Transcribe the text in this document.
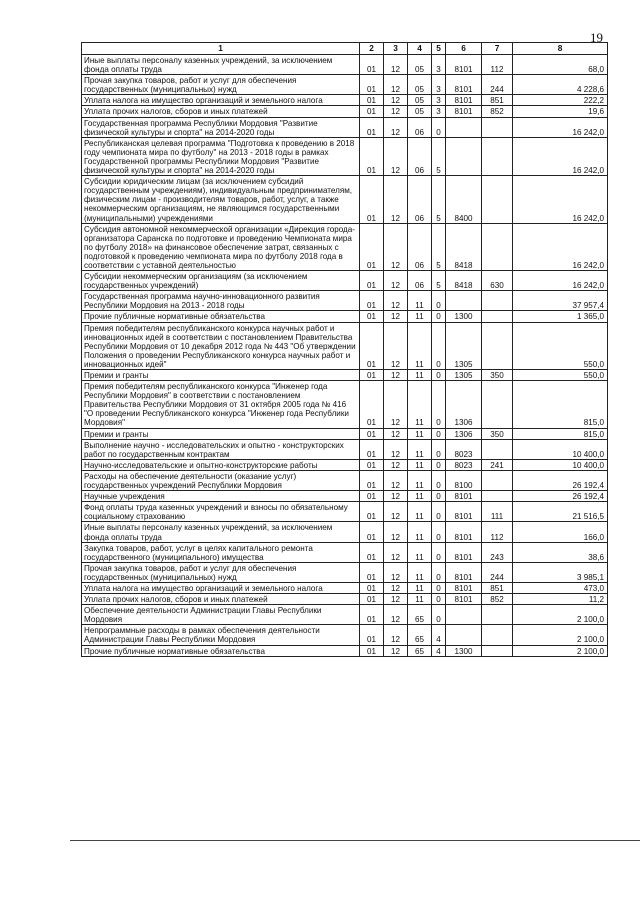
19
1	2	3	4	5	6	7	8
Иные выплаты персоналу казенных учреждений, за исключением фонда оплаты труда	01	12	05	3	8101	112	68,0
Прочая закупка товаров, работ и услуг для обеспечения государственных (муниципальных) нужд	01	12	05	3	8101	244	4 228,6
Уплата налога на имущество организаций и земельного налога	01	12	05	3	8101	851	222,2
Уплата прочих налогов, сборов и иных платежей	01	12	05	3	8101	852	19,6
Государственная программа Республики Мордовия "Развитие физической культуры и спорта" на 2014-2020 годы	01	12	06	0			16 242,0
Республиканская целевая программа "Подготовка к проведению в 2018 году чемпионата мира по футболу" на 2013 - 2018 годы в рамках Государственной программы Республики Мордовия "Развитие физической культуры и спорта" на 2014-2020 годы	01	12	06	5			16 242,0
Субсидии юридическим лицам (за исключением субсидий государственным учреждениям), индивидуальным предпринимателям, физическим лицам - производителям товаров, работ, услуг, а также некоммерческим организациям, не являющимся государственными (муниципальными) учреждениями	01	12	06	5	8400		16 242,0
Субсидия автономной некоммерческой организации «Дирекция города-организатора Саранска по подготовке и проведению Чемпионата мира по футболу 2018» на финансовое обеспечение затрат, связанных с подготовкой к проведению чемпионата мира по футболу 2018 года в соответствии с уставной деятельностью	01	12	06	5	8418		16 242,0
Субсидии некоммерческим организациям (за исключением государственных учреждений)	01	12	06	5	8418	630	16 242,0
Государственная программа научно-инновационного развития Республики Мордовия на 2013 - 2018 годы	01	12	11	0			37 957,4
Прочие публичные нормативные обязательства	01	12	11	0	1300		1 365,0
Премия победителям республиканского конкурса научных работ и инновационных идей в соответствии с постановлением Правительства Республики Мордовия от 10 декабря 2012 года № 443 "Об утверждении Положения о проведении Республиканского конкурса научных работ и инновационных идей"	01	12	11	0	1305		550,0
Премии и гранты	01	12	11	0	1305	350	550,0
Премия победителям республиканского конкурса "Инженер года Республики Мордовия" в соответствии с постановлением Правительства Республики Мордовия от 31 октября 2005 года № 416 "О проведении Республиканского конкурса "Инженер года Республики Мордовия"	01	12	11	0	1306		815,0
Премии и гранты	01	12	11	0	1306	350	815,0
Выполнение научно - исследовательских и опытно - конструкторских работ по государственным контрактам	01	12	11	0	8023		10 400,0
Научно-исследовательские и опытно-конструкторские работы	01	12	11	0	8023	241	10 400,0
Расходы на обеспечение деятельности (оказание услуг) государственных учреждений Республики Мордовия	01	12	11	0	8100		26 192,4
Научные учреждения	01	12	11	0	8101		26 192,4
Фонд оплаты труда казенных учреждений и взносы по обязательному социальному страхованию	01	12	11	0	8101	111	21 516,5
Иные выплаты персоналу казенных учреждений, за исключением фонда оплаты труда	01	12	11	0	8101	112	166,0
Закупка товаров, работ, услуг в целях капитального ремонта государственного (муниципального) имущества	01	12	11	0	8101	243	38,6
Прочая закупка товаров, работ и услуг для обеспечения государственных (муниципальных) нужд	01	12	11	0	8101	244	3 985,1
Уплата налога на имущество организаций и земельного налога	01	12	11	0	8101	851	473,0
Уплата прочих налогов, сборов и иных платежей	01	12	11	0	8101	852	11,2
Обеспечение деятельности Администрации Главы Республики Мордовия	01	12	65	0			2 100,0
Непрограммные расходы в рамках обеспечения деятельности Администрации Главы Республики Мордовия	01	12	65	4			2 100,0
Прочие публичные нормативные обязательства	01	12	65	4	1300		2 100,0
